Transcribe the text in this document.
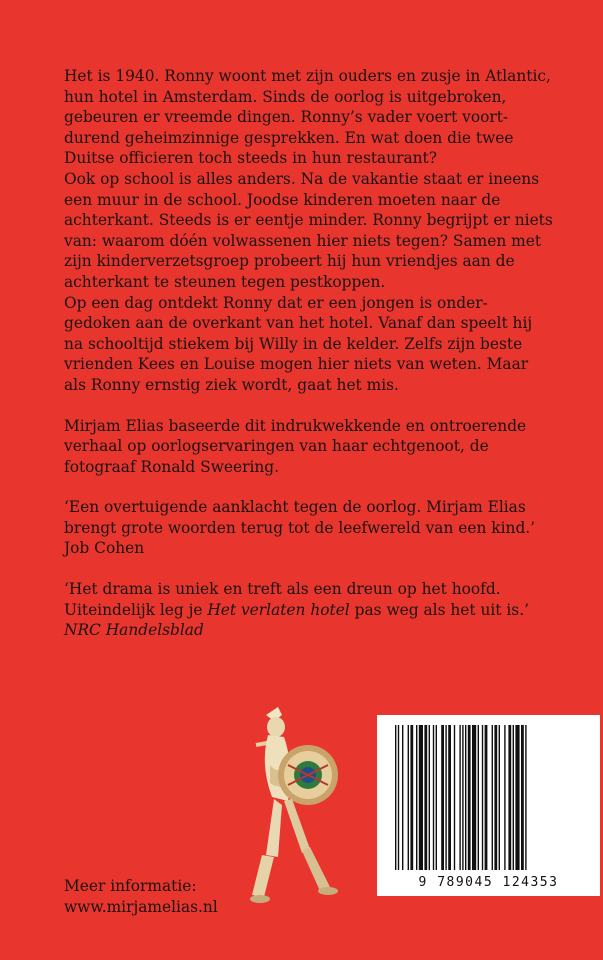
Het is 1940. Ronny woont met zijn ouders en zusje in Atlantic,

hun hotel in Amsterdam. Sinds de oorlog is uitgebroken,

gebeuren er vreemde dingen. Ronny’s vader voert voort-

durend geheimzinnige gesprekken. En wat doen die twee

Duitse officieren toch steeds in hun restaurant?

Ook op school is alles anders. Na de vakantie staat er ineens

een muur in de school. Joodse kinderen moeten naar de

achterkant. Steeds is er eentje minder. Ronny begrijpt er niets

van: waarom dóén volwassenen hier niets tegen? Samen met

zijn kinderverzetsgroep probeert hij hun vriendjes aan de

achterkant te steunen tegen pestkoppen.

Op een dag ontdekt Ronny dat er een jongen is onder-

gedoken aan de overkant van het hotel. Vanaf dan speelt hij

na schooltijd stiekem bij Willy in de kelder. Zelfs zijn beste

vrienden Kees en Louise mogen hier niets van weten. Maar

als Ronny ernstig ziek wordt, gaat het mis.

Mirjam Elias baseerde dit indrukwekkende en ontroerende

verhaal op oorlogservaringen van haar echtgenoot, de

fotograaf Ronald Sweering.

‘Een overtuigende aanklacht tegen de oorlog. Mirjam Elias

brengt grote woorden terug tot de leefwereld van een kind.’

Job Cohen

‘Het drama is uniek en treft als een dreun op het hoofd.

Uiteindelijk leg je Het verlaten hotel pas weg als het uit is.’

NRC Handelsblad

9 789045 124353
Meer informatie:
www.mirjamelias.nl
